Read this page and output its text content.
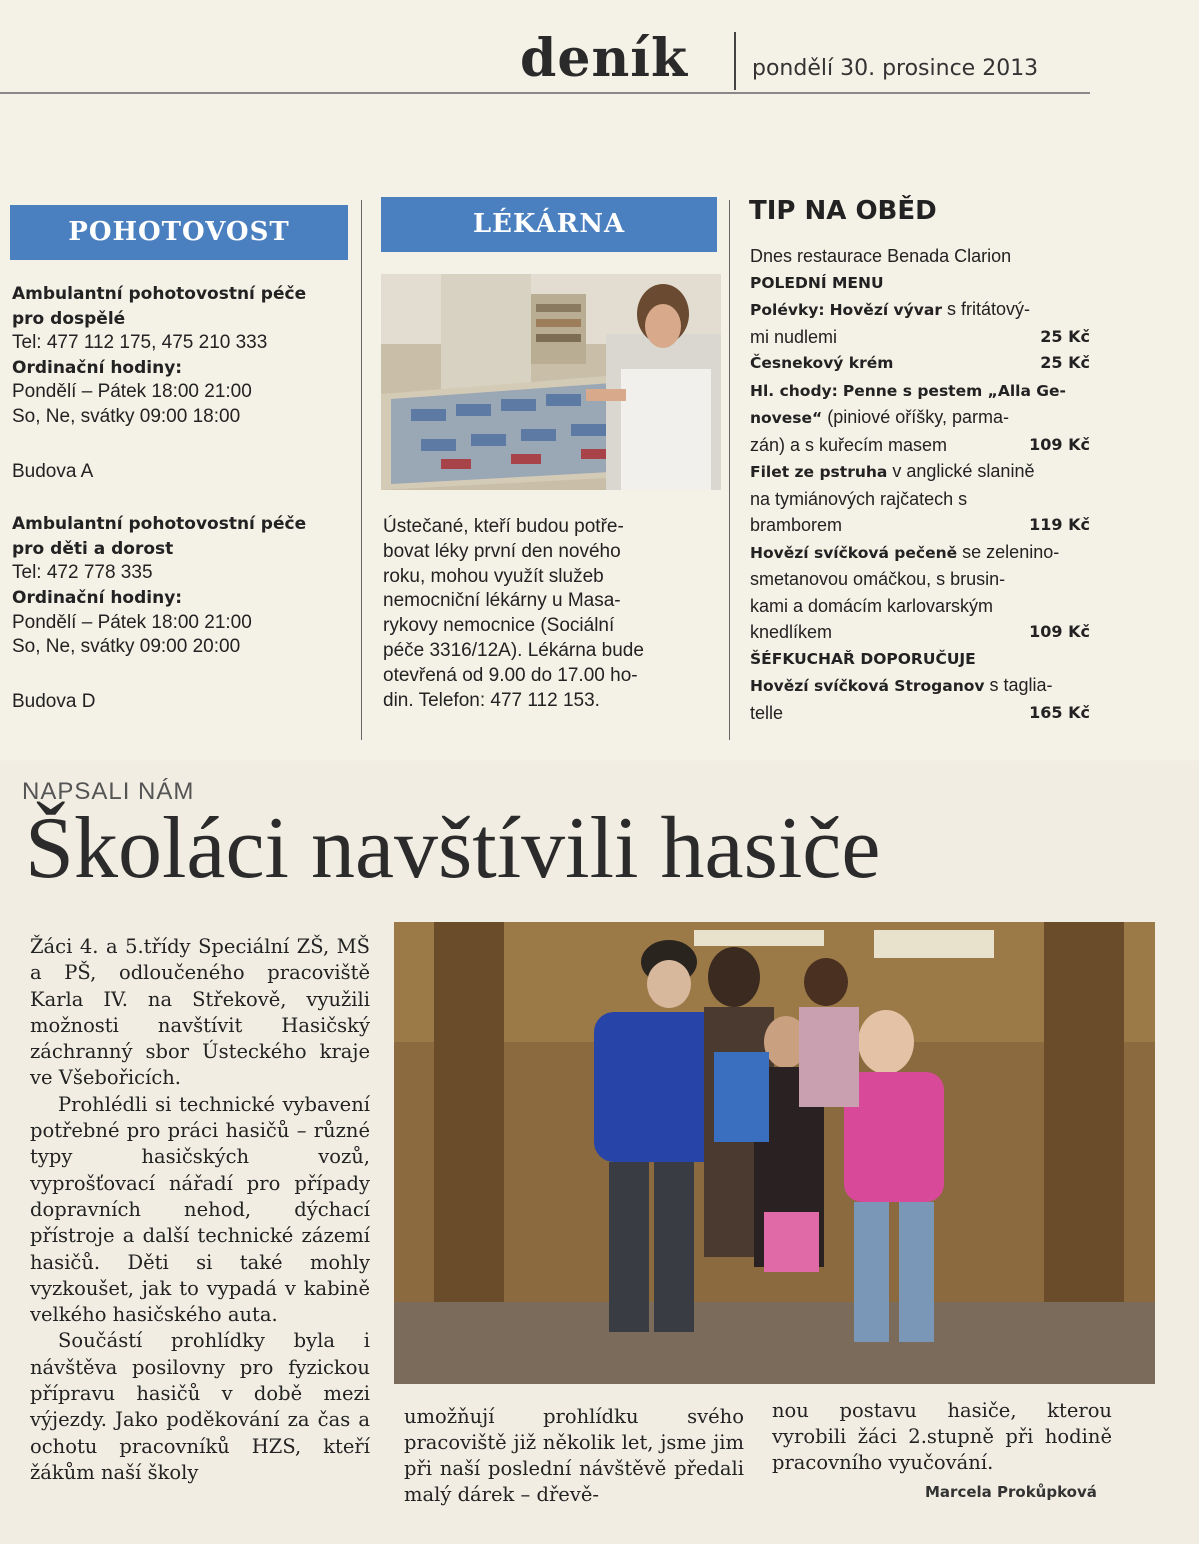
deník	pondělí 30. prosince 2013
POHOTOVOST
Ambulantní pohotovostní péče
pro dospělé
Tel: 477 112 175, 475 210 333
Ordinační hodiny:
Pondělí – Pátek 18:00 21:00
So, Ne, svátky 09:00 18:00
Budova A
Ambulantní pohotovostní péče
pro děti a dorost
Tel: 472 778 335
Ordinační hodiny:
Pondělí – Pátek 18:00 21:00
So, Ne, svátky 09:00 20:00
Budova D
LÉKÁRNA
Ústečané, kteří budou potře-
bovat léky první den nového
roku, mohou využít služeb
nemocniční lékárny u Masa-
rykovy nemocnice (Sociální
péče 3316/12A). Lékárna bude
otevřená od 9.00 do 17.00 ho-
din. Telefon: 477 112 153.
TIP NA OBĚD
Dnes restaurace Benada Clarion
POLEDNÍ MENU
Polévky: Hovězí vývar s fritátový-
mi nudlemi	25 Kč
Česnekový krém	25 Kč
Hl. chody: Penne s pestem „Alla Ge-
novese“ (piniové oříšky, parma-
zán) a s kuřecím masem	109 Kč
Filet ze pstruha v anglické slanině
na tymiánových rajčatech s
bramborem	119 Kč
Hovězí svíčková pečeně se zelenino-
smetanovou omáčkou, s brusin-
kami a domácím karlovarským
knedlíkem	109 Kč
ŠÉFKUCHAŘ DOPORUČUJE
Hovězí svíčková Stroganov s taglia-
telle	165 Kč
NAPSALI NÁM
Školáci navštívili hasiče

Žáci 4. a 5.třídy Speciální ZŠ, MŠ a PŠ, odloučeného pracoviště Karla IV. na Střekově, využili možnosti navštívit Hasičský záchranný sbor Ústeckého kraje ve Všebořicích.

Prohlédli si technické vybavení potřebné pro práci hasičů – různé typy hasičských vozů, vyprošťovací nářadí pro případy dopravních nehod, dýchací přístroje a další technické zázemí hasičů. Děti si také mohly vyzkoušet, jak to vypadá v kabině velkého hasičského auta.

Součástí prohlídky byla i návštěva posilovny pro fyzickou přípravu hasičů v době mezi výjezdy. Jako poděkování za čas a ochotu pracovníků HZS, kteří žákům naší školy

umožňují prohlídku svého pracoviště již několik let, jsme jim při naší poslední návštěvě předali malý dárek – dřevě-
nou postavu hasiče, kterou vyrobili žáci 2.stupně při hodině pracovního vyučování.
Marcela Prokůpková
